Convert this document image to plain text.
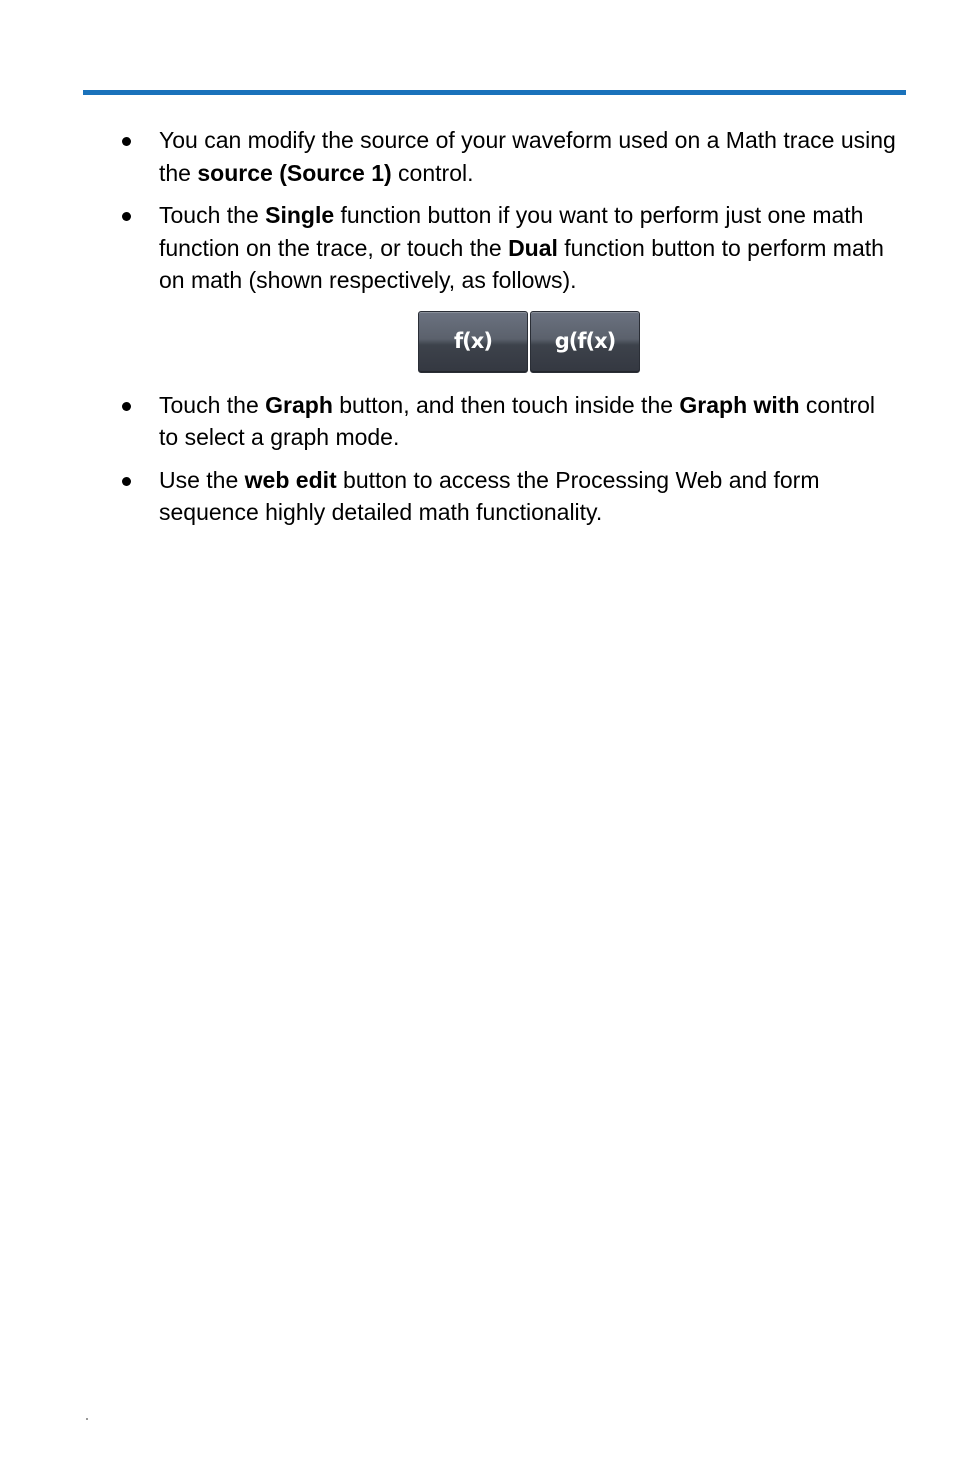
You can modify the source of your waveform used on a Math trace using the source (Source 1) control.
Touch the Single function button if you want to perform just one math function on the trace, or touch the Dual function button to perform math on math (shown respectively, as follows).
f(x)	g(f(x)
Touch the Graph button, and then touch inside the Graph with control to select a graph mode.
Use the web edit button to access the Processing Web and form sequence highly detailed math functionality.
